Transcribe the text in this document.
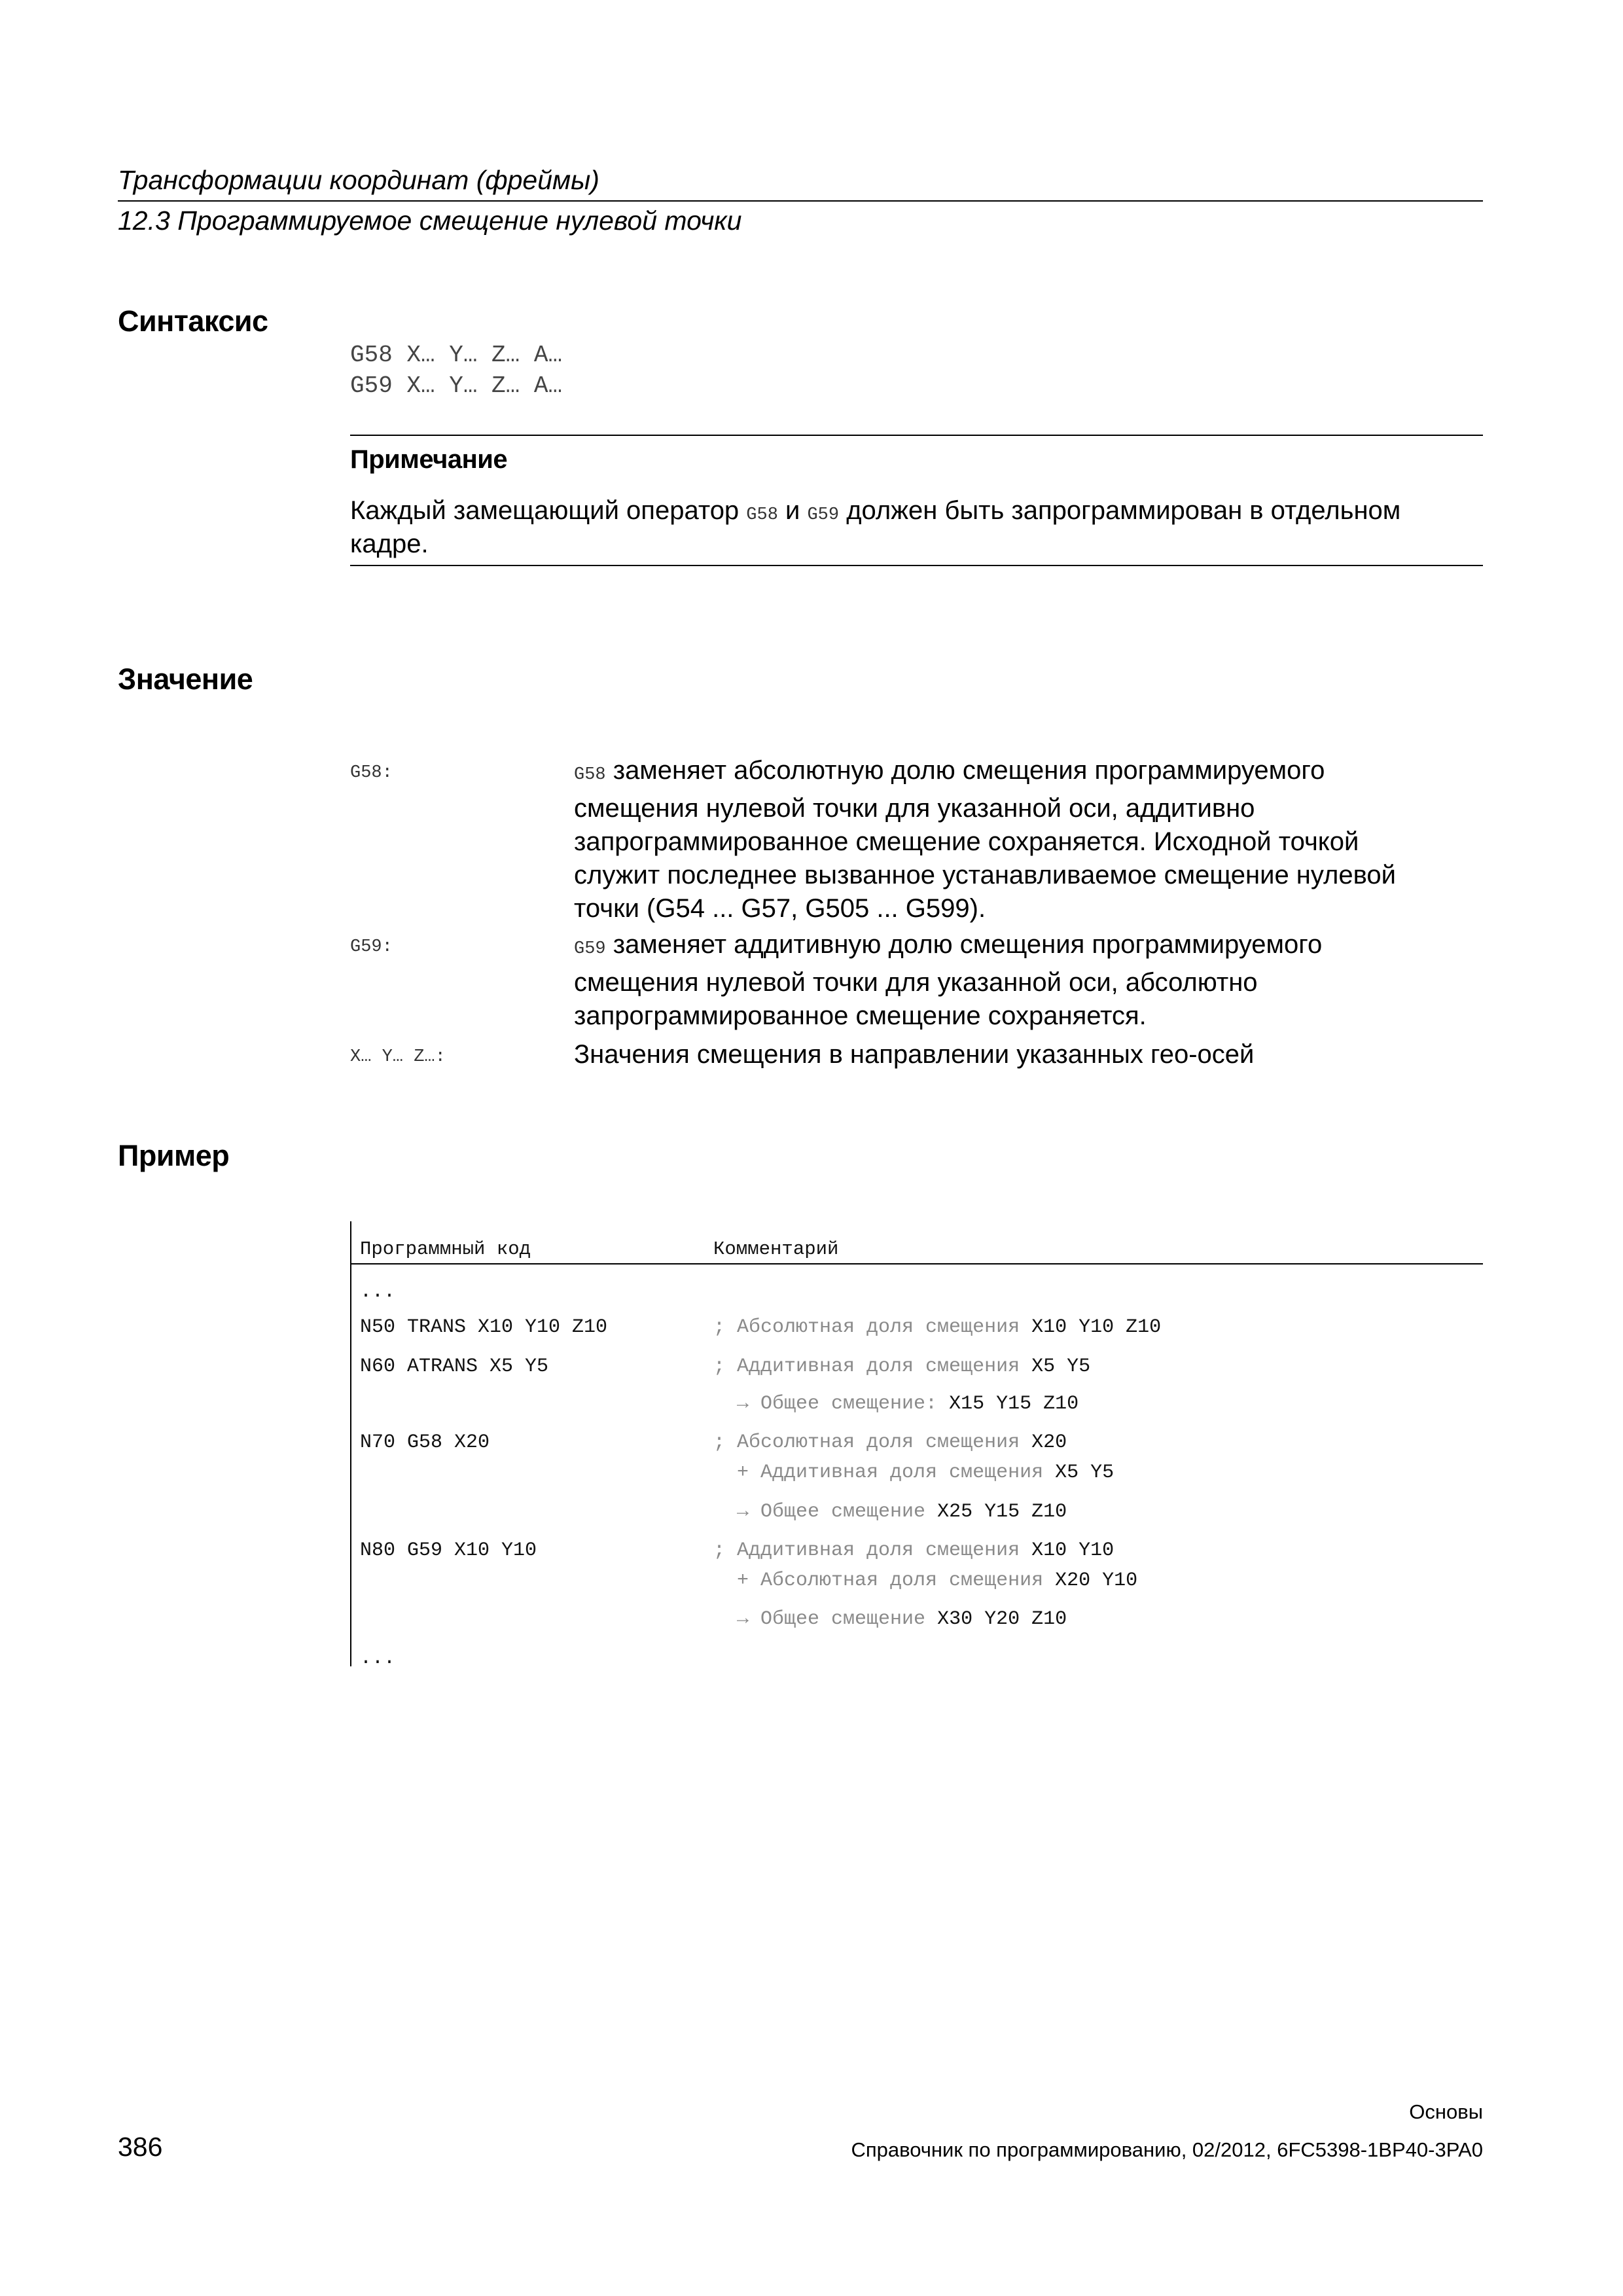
Трансформации координат (фреймы)
12.3 Программируемое смещение нулевой точки
Синтаксис
G58 X… Y… Z… A…
G59 X… Y… Z… A…
Примечание
Каждый замещающий оператор G58 и G59 должен быть запрограммирован в отдельном
кадре.
Значение
G58:	G58 заменяет абсолютную долю смещения программируемого
смещения нулевой точки для указанной оси, аддитивно
запрограммированное смещение сохраняется. Исходной точкой
служит последнее вызванное устанавливаемое смещение нулевой
точки (G54 ... G57, G505 ... G599).
G59:	G59 заменяет аддитивную долю смещения программируемого
смещения нулевой точки для указанной оси, абсолютно
запрограммированное смещение сохраняется.
X… Y… Z…:	Значения смещения в направлении указанных гео-осей
Пример
Программный код	Комментарий
...
N50 TRANS X10 Y10 Z10	; Абсолютная доля смещения X10 Y10 Z10
N60 ATRANS X5 Y5	; Аддитивная доля смещения X5 Y5
→ Общее смещение: X15 Y15 Z10
N70 G58 X20	; Абсолютная доля смещения X20
+ Аддитивная доля смещения X5 Y5
→ Общее смещение X25 Y15 Z10
N80 G59 X10 Y10	; Аддитивная доля смещения X10 Y10
+ Абсолютная доля смещения X20 Y10
→ Общее смещение X30 Y20 Z10
...
Основы
386	Справочник по программированию, 02/2012, 6FC5398-1BP40-3PA0
